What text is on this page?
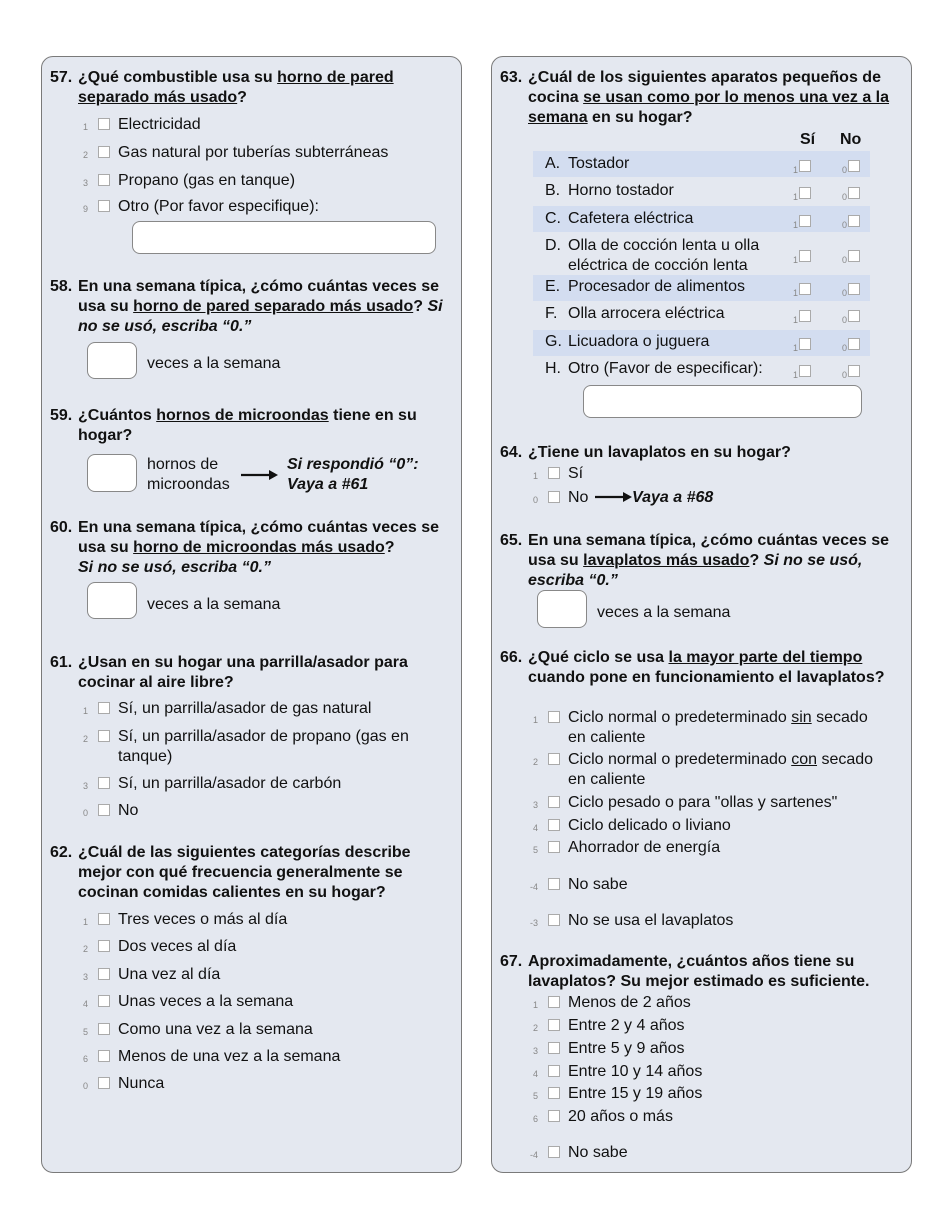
57. ¿Qué combustible usa su horno de pared separado más usado?
1 Electricidad
2 Gas natural por tuberías subterráneas
3 Propano (gas en tanque)
9 Otro (Por favor especifique):
58. En una semana típica, ¿cómo cuántas veces se usa su horno de pared separado más usado? Si no se usó, escriba “0.”
veces a la semana
59. ¿Cuántos hornos de microondas tiene en su hogar?
hornos de
microondas
Si respondió “0”:
Vaya a #61
60. En una semana típica, ¿cómo cuántas veces se usa su horno de microondas más usado?
Si no se usó, escriba “0.”
veces a la semana
61. ¿Usan en su hogar una parrilla/asador para cocinar al aire libre?
1 Sí, un parrilla/asador de gas natural
2 Sí, un parrilla/asador de propano (gas en
tanque)
3 Sí, un parrilla/asador de carbón
0 No
62. ¿Cuál de las siguientes categorías describe mejor con qué frecuencia generalmente se cocinan comidas calientes en su hogar?
1 Tres veces o más al día
2 Dos veces al día
3 Una vez al día
4 Unas veces a la semana
5 Como una vez a la semana
6 Menos de una vez a la semana
0 Nunca
63. ¿Cuál de los siguientes aparatos pequeños de cocina se usan como por lo menos una vez a la semana en su hogar?
Sí No
A. Tostador	1	0
B. Horno tostador	1	0
C. Cafetera eléctrica	1	0
D. Olla de cocción lenta u olla eléctrica de cocción lenta	1	0
E. Procesador de alimentos	1	0
F. Olla arrocera eléctrica	1	0
G. Licuadora o juguera	1	0
H. Otro (Favor de especificar):	1	0
64. ¿Tiene un lavaplatos en su hogar?
1 Sí
0 No	Vaya a #68
65. En una semana típica, ¿cómo cuántas veces se usa su lavaplatos más usado? Si no se usó, escriba “0.”
veces a la semana
66. ¿Qué ciclo se usa la mayor parte del tiempo cuando pone en funcionamiento el lavaplatos?
1 Ciclo normal o predeterminado sin secado
en caliente
2 Ciclo normal o predeterminado con secado
en caliente
3 Ciclo pesado o para "ollas y sartenes"
4 Ciclo delicado o liviano
5 Ahorrador de energía
-4 No sabe
-3 No se usa el lavaplatos
67. Aproximadamente, ¿cuántos años tiene su lavaplatos? Su mejor estimado es suficiente.
1 Menos de 2 años
2 Entre 2 y 4 años
3 Entre 5 y 9 años
4 Entre 10 y 14 años
5 Entre 15 y 19 años
6 20 años o más
-4 No sabe
